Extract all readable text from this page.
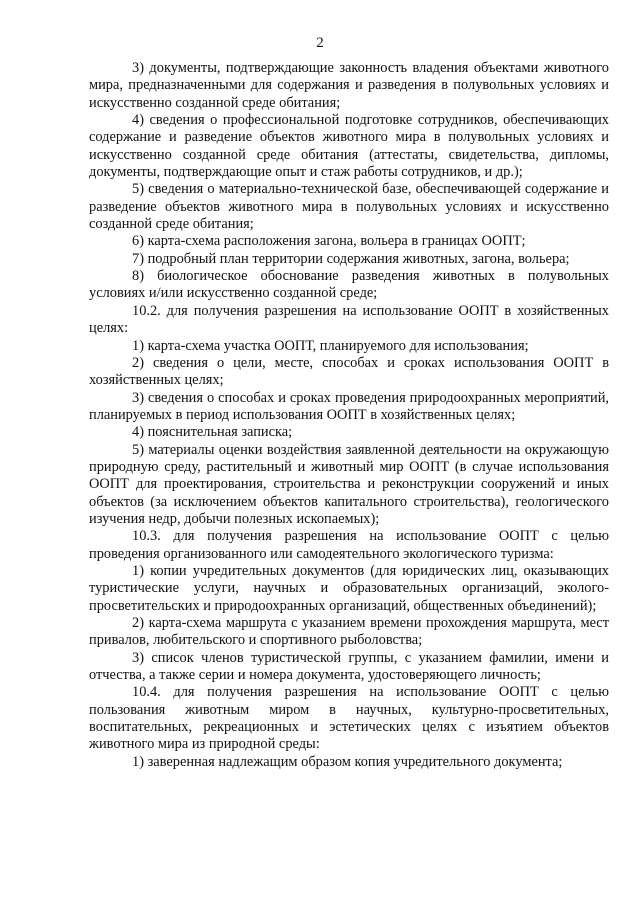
2

3) документы, подтверждающие законность владения объектами животного мира, предназначенными для содержания и разведения в полувольных условиях и искусственно созданной среде обитания;

4) сведения о профессиональной подготовке сотрудников, обеспечивающих содержание и разведение объектов животного мира в полувольных условиях и искусственно созданной среде обитания (аттестаты, свидетельства, дипломы, документы, подтверждающие опыт и стаж работы сотрудников, и др.);

5) сведения о материально-технической базе, обеспечивающей содержание и разведение объектов животного мира в полувольных условиях и искусственно созданной среде обитания;

6) карта-схема расположения загона, вольера в границах ООПТ;

7) подробный план территории содержания животных, загона, вольера;

8) биологическое обоснование разведения животных в полувольных условиях и/или искусственно созданной среде;

10.2. для получения разрешения на использование ООПТ в хозяйственных целях:

1) карта-схема участка ООПТ, планируемого для использования;

2) сведения о цели, месте, способах и сроках использования ООПТ в хозяйственных целях;

3) сведения о способах и сроках проведения природоохранных мероприятий, планируемых в период использования ООПТ в хозяйственных целях;

4) пояснительная записка;

5) материалы оценки воздействия заявленной деятельности на окружающую природную среду, растительный и животный мир ООПТ (в случае использования ООПТ для проектирования, строительства и реконструкции сооружений и иных объектов (за исключением объектов капитального строительства), геологического изучения недр, добычи полезных ископаемых);

10.3. для получения разрешения на использование ООПТ с целью проведения организованного или самодеятельного экологического туризма:

1) копии учредительных документов (для юридических лиц, оказывающих туристические услуги, научных и образовательных организаций, эколого-просветительских и природоохранных организаций, общественных объединений);

2) карта-схема маршрута с указанием времени прохождения маршрута, мест привалов, любительского и спортивного рыболовства;

3) список членов туристической группы, с указанием фамилии, имени и отчества, а также серии и номера документа, удостоверяющего личность;

10.4. для получения разрешения на использование ООПТ с целью пользования животным миром в научных, культурно-просветительных, воспитательных, рекреационных и эстетических целях с изъятием объектов животного мира из природной среды:

1) заверенная надлежащим образом копия учредительного документа;
